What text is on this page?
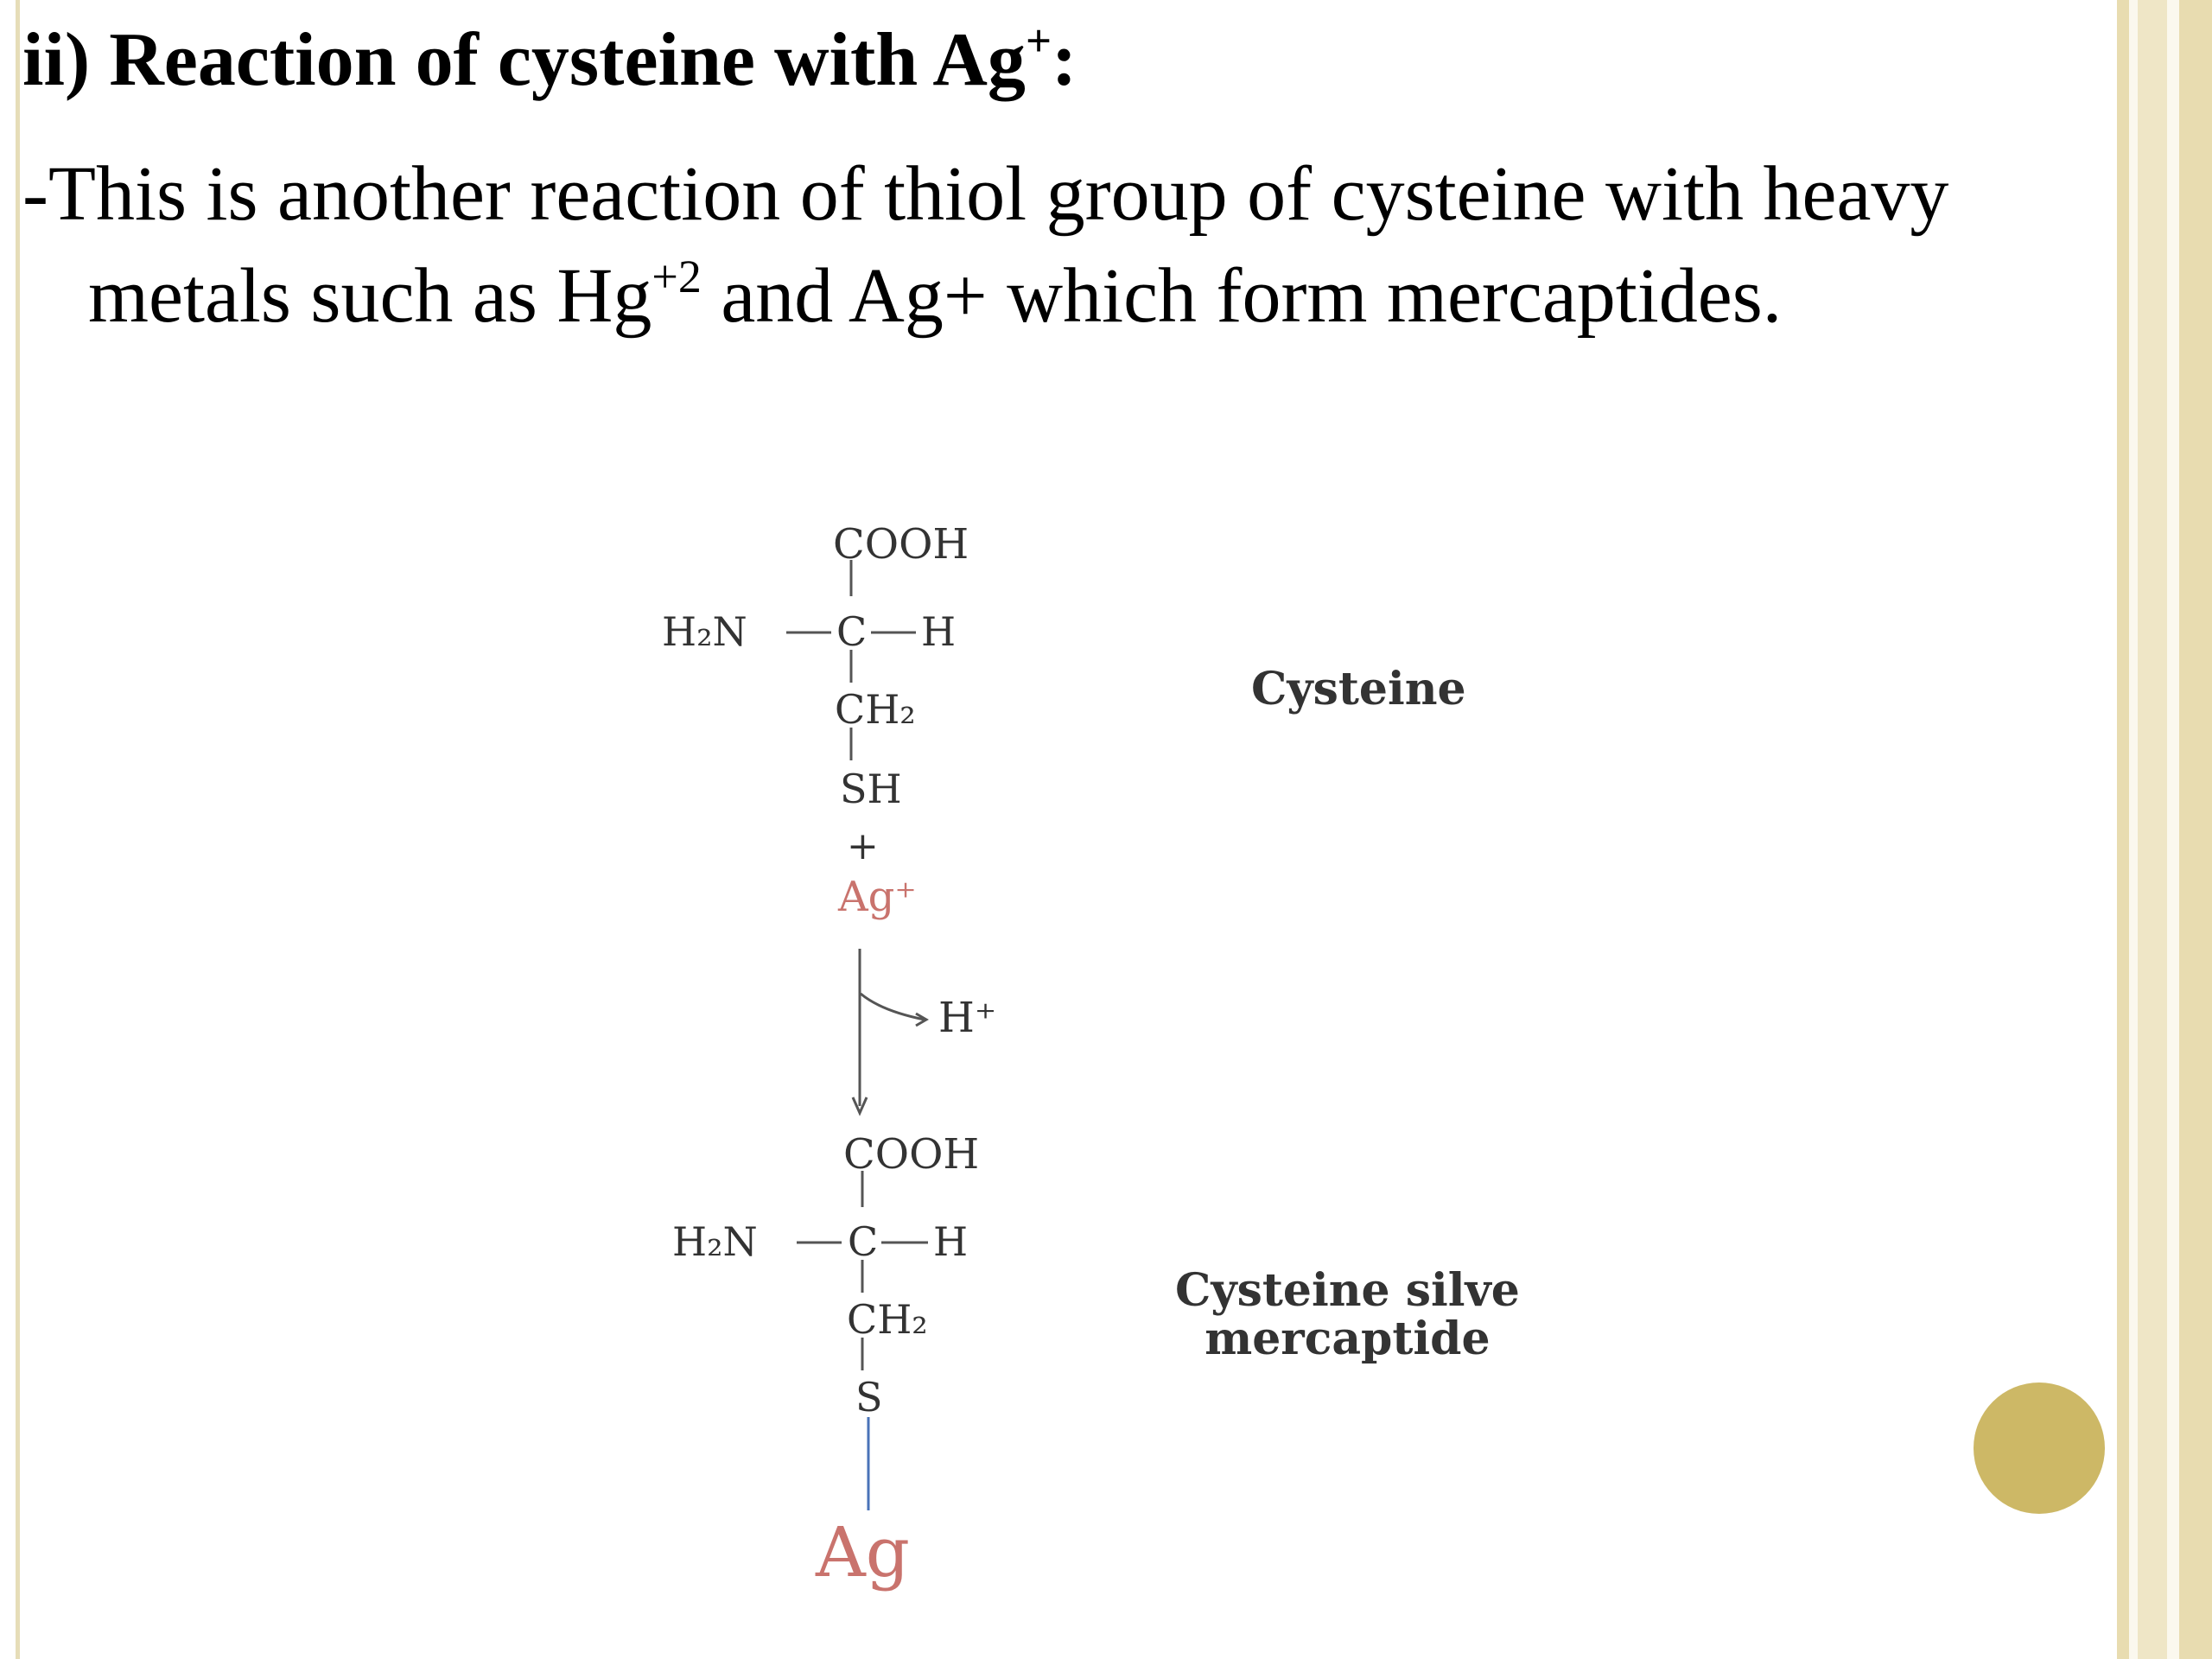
ii) Reaction of cysteine with Ag+:
-This is another reaction of thiol group of cysteine with heavy
metals such as $Hg^{+2}$ and Ag+ which form mercaptides.
COOH
H₂N C H
CH₂
SH
+
Ag⁺
Cysteine
H⁺
COOH
H₂N C H
CH₂
S
Ag
Cysteine silve
mercaptide
